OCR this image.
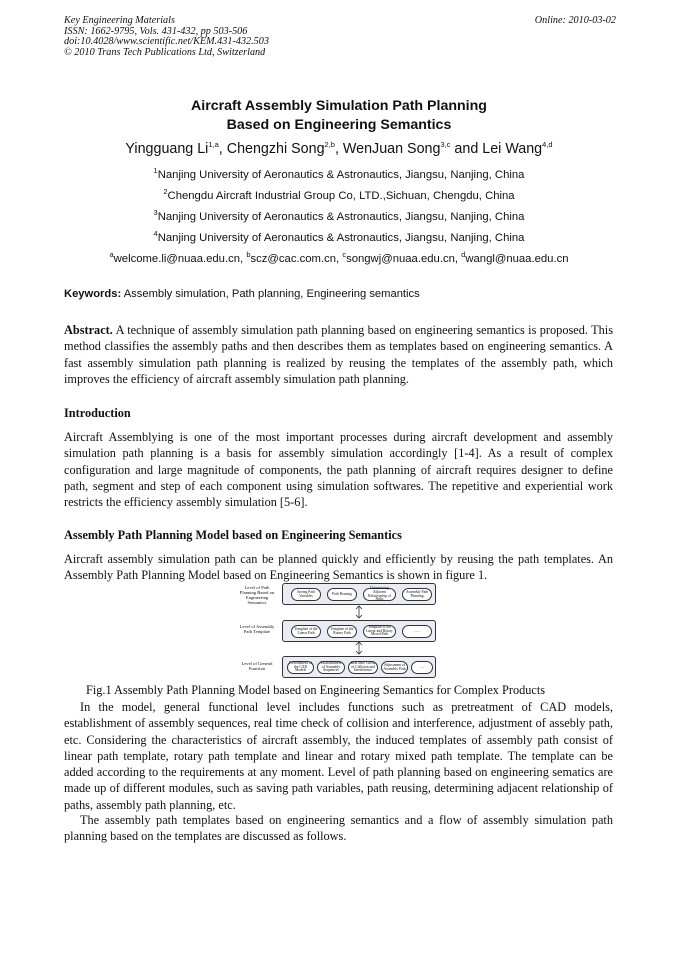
Key Engineering Materials
ISSN: 1662-9795, Vols. 431-432, pp 503-506
doi:10.4028/www.scientific.net/KEM.431-432.503
© 2010 Trans Tech Publications Ltd, Switzerland
Online: 2010-03-02
Aircraft Assembly Simulation Path Planning
Based on Engineering Semantics
Yingguang Li$^{1,a}$, Chengzhi Song$^{2,b}$, WenJuan Song$^{3,c}$ and Lei Wang$^{4,d}$
$^1$Nanjing University of Aeronautics & Astronautics, Jiangsu, Nanjing, China
$^2$Chengdu Aircraft Industrial Group Co, LTD.,Sichuan, Chengdu, China
$^3$Nanjing University of Aeronautics & Astronautics, Jiangsu, Nanjing, China
$^4$Nanjing University of Aeronautics & Astronautics, Jiangsu, Nanjing, China
$^a$welcome.li@nuaa.edu.cn, $^b$scz@cac.com.cn, $^c$songwj@nuaa.edu.cn, $^d$wangl@nuaa.edu.cn
Keywords: Assembly simulation, Path planning, Engineering semantics
Abstract. A technique of assembly simulation path planning based on engineering semantics is proposed. This method classifies the assembly paths and then describes them as templates based on engineering semantics. A fast assembly simulation path planning is realized by reusing the templates of the assembly path, which improves the efficiency of aircraft assembly simulation path planning.
Introduction
Aircraft Assemblying is one of the most important processes during aircraft development and assembly simulation path planning is a basis for assembly simulation accordingly [1-4]. As a result of complex configuration and large magnitude of components, the path planning of aircraft requires designer to define path, segment and step of each component using simulation softwares. The repetitive and experiential work restricts the efficiency assembly simulation [5-6].
Assembly Path Planning Model based on Engineering Semantics
Aircraft assembly simulation path can be planned quickly and efficiently by reusing the path templates. An Assembly Path Planning Model based on Engineering Semantics is shown in figure 1.
Level of Path Planning Based on Engineering Semantics
Saving Path Variables	Path Reusing
Determining Adjacent Relationship of Paths
Assembly Path Planning
Level of Assembly Path Template
Template of the Linear Path
Template of the Rotary Path
Template of the Linear and Rotary Mixed Path
……
Level of General Function
Pretreatment of the CAD Models
Establishment of Assembly Sequences
Real time Check of Collision and Interference
Adjustment of Assembly Path	……
Fig.1 Assembly Path Planning Model based on Engineering Semantics for Complex Products
In the model, general functional level includes functions such as pretreatment of CAD models, establishment of assembly sequences, real time check of collision and interference, adjustment of assebly path, etc. Considering the characteristics of aircraft assembly, the induced templates of assembly path consist of linear path template, rotary path template and linear and rotary mixed path template. The template can be added according to the requirements at any moment. Level of path planning based on engineering sematics are made up of different modules, such as saving path variables, path reusing, determining adjacent relationship of paths, assembly path planning, etc.
The assembly path templates based on engineering semantics and a flow of assembly simulation path planning based on the templates are discussed as follows.
